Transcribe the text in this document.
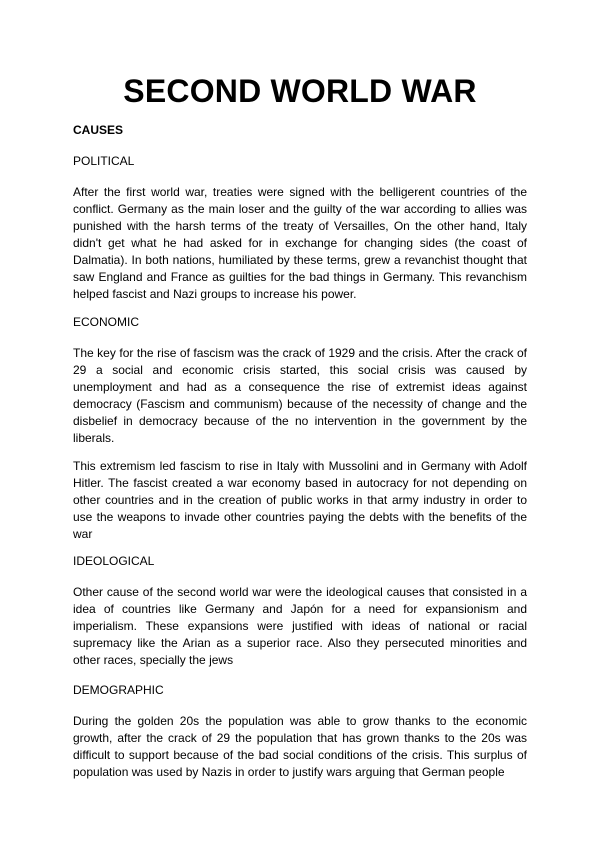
SECOND WORLD WAR

CAUSES

POLITICAL

After the first world war, treaties were signed with the belligerent countries of the conflict. Germany as the main loser and the guilty of the war according to allies was punished with the harsh terms of the treaty of Versailles, On the other hand, Italy didn't get what he had asked for in exchange for changing sides (the coast of Dalmatia). In both nations, humiliated by these terms, grew a revanchist thought that saw England and France as guilties for the bad things in Germany. This revanchism helped fascist and Nazi groups to increase his power.

ECONOMIC

The key for the rise of fascism was the crack of 1929 and the crisis. After the crack of 29 a social and economic crisis started, this social crisis was caused by unemployment and had as a consequence the rise of extremist ideas against democracy (Fascism and communism) because of the necessity of change and the disbelief in democracy because of the no intervention in the government by the liberals.

This extremism led fascism to rise in Italy with Mussolini and in Germany with Adolf Hitler. The fascist created a war economy based in autocracy for not depending on other countries and in the creation of public works in that army industry in order to use the weapons to invade other countries paying the debts with the benefits of the war

IDEOLOGICAL

Other cause of the second world war were the ideological causes that consisted in a idea of countries like Germany and Japón for a need for expansionism and imperialism. These expansions were justified with ideas of national or racial supremacy like the Arian as a superior race. Also they persecuted minorities and other races, specially the jews

DEMOGRAPHIC

During the golden 20s the population was able to grow thanks to the economic growth, after the crack of 29 the population that has grown thanks to the 20s was difficult to support because of the bad social conditions of the crisis. This surplus of population was used by Nazis in order to justify wars arguing that German people
